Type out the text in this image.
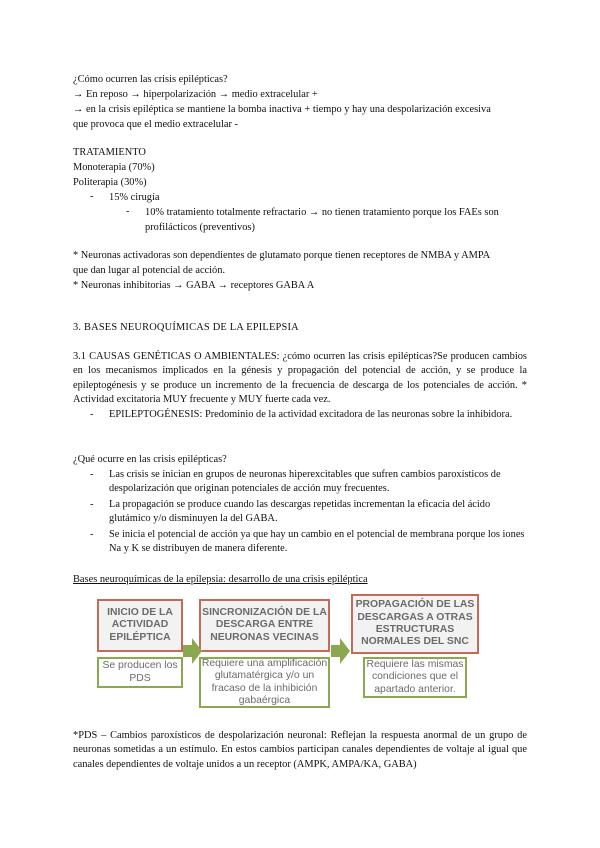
¿Cómo ocurren las crisis epilépticas?
→ En reposo → hiperpolarización → medio extracelular +
→ en la crisis epiléptica se mantiene la bomba inactiva + tiempo y hay una despolarización excesiva
que provoca que el medio extracelular -
TRATAMIENTO
Monoterapia (70%)
Politerapia (30%)
- 15% cirugía
- 10% tratamiento totalmente refractario → no tienen tratamiento porque los FAEs son
profilácticos (preventivos)
* Neuronas activadoras son dependientes de glutamato porque tienen receptores de NMBA y AMPA
que dan lugar al potencial de acción.
* Neuronas inhibitorias → GABA → receptores GABA A
3. BASES NEUROQUÍMICAS DE LA EPILEPSIA
3.1 CAUSAS GENÉTICAS O AMBIENTALES: ¿cómo ocurren las crisis epilépticas?Se producen cambios en los mecanismos implicados en la génesis y propagación del potencial de acción, y se produce la epileptogénesis y se produce un incremento de la frecuencia de descarga de los potenciales de acción. * Actividad excitatoria MUY frecuente y MUY fuerte cada vez.
- EPILEPTOGÉNESIS: Predominio de la actividad excitadora de las neuronas sobre la inhibidora.
¿Qué ocurre en las crisis epilépticas?
- Las crisis se inician en grupos de neuronas hiperexcitables que sufren cambios paroxísticos de despolarización que originan potenciales de acción muy frecuentes.
- La propagación se produce cuando las descargas repetidas incrementan la eficacia del ácido glutámico y/o disminuyen la del GABA.
- Se inicia el potencial de acción ya que hay un cambio en el potencial de membrana porque los iones Na y K se distribuyen de manera diferente.
Bases neuroquímicas de la epilepsia: desarrollo de una crisis epiléptica
INICIO DE LA ACTIVIDAD EPILÉPTICA
Se producen los PDS
SINCRONIZACIÓN DE LA DESCARGA ENTRE NEURONAS VECINAS
Requiere una amplificación glutamatérgica y/o un fracaso de la inhibición gabaérgica
PROPAGACIÓN DE LAS DESCARGAS A OTRAS ESTRUCTURAS NORMALES DEL SNC
Requiere las mismas condiciones que el apartado anterior.
*PDS – Cambios paroxísticos de despolarización neuronal: Reflejan la respuesta anormal de un grupo de neuronas sometidas a un estímulo. En estos cambios participan canales dependientes de voltaje al igual que canales dependientes de voltaje unidos a un receptor (AMPK, AMPA/KA, GABA)
